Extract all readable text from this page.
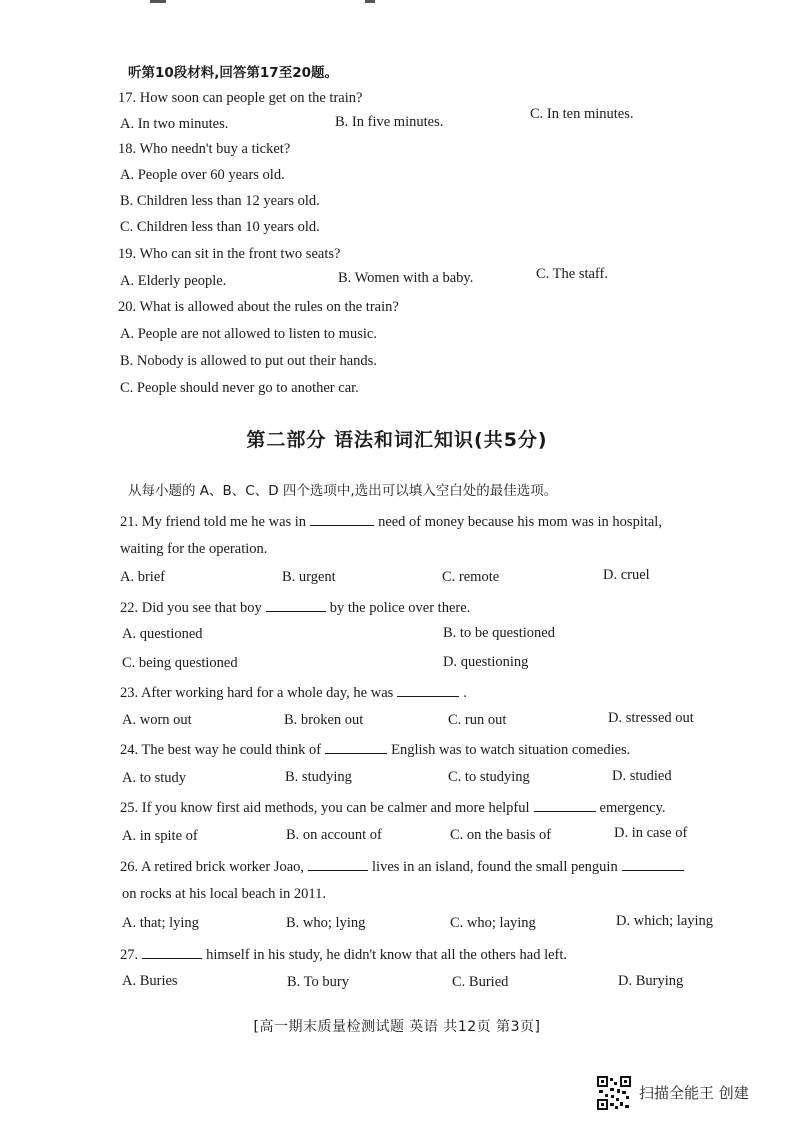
听第10段材料,回答第17至20题。
17. How soon can people get on the train?
A. In two minutes.	B. In five minutes.	C. In ten minutes.
18. Who needn't buy a ticket?
A. People over 60 years old.
B. Children less than 12 years old.
C. Children less than 10 years old.
19. Who can sit in the front two seats?
A. Elderly people.	B. Women with a baby.	C. The staff.
20. What is allowed about the rules on the train?
A. People are not allowed to listen to music.
B. Nobody is allowed to put out their hands.
C. People should never go to another car.
第二部分 语法和词汇知识(共5分)
从每小题的 A、B、C、D 四个选项中,选出可以填入空白处的最佳选项。
21. My friend told me he was in	need of money because his mom was in hospital,
waiting for the operation.
A. brief	B. urgent	C. remote	D. cruel
22. Did you see that boy	by the police over there.
A. questioned	B. to be questioned
C. being questioned	D. questioning
23. After working hard for a whole day, he was	.
A. worn out	B. broken out	C. run out	D. stressed out
24. The best way he could think of	English was to watch situation comedies.
A. to study	B. studying	C. to studying	D. studied
25. If you know first aid methods, you can be calmer and more helpful	emergency.
A. in spite of	B. on account of	C. on the basis of	D. in case of
26. A retired brick worker Joao,	lives in an island, found the small penguin
on rocks at his local beach in 2011.
A. that; lying	B. who; lying	C. who; laying	D. which; laying
27.	himself in his study, he didn't know that all the others had left.
A. Buries	B. To bury	C. Buried	D. Burying
[高一期末质量检测试题 英语 共12页 第3页]
扫描全能王 创建
